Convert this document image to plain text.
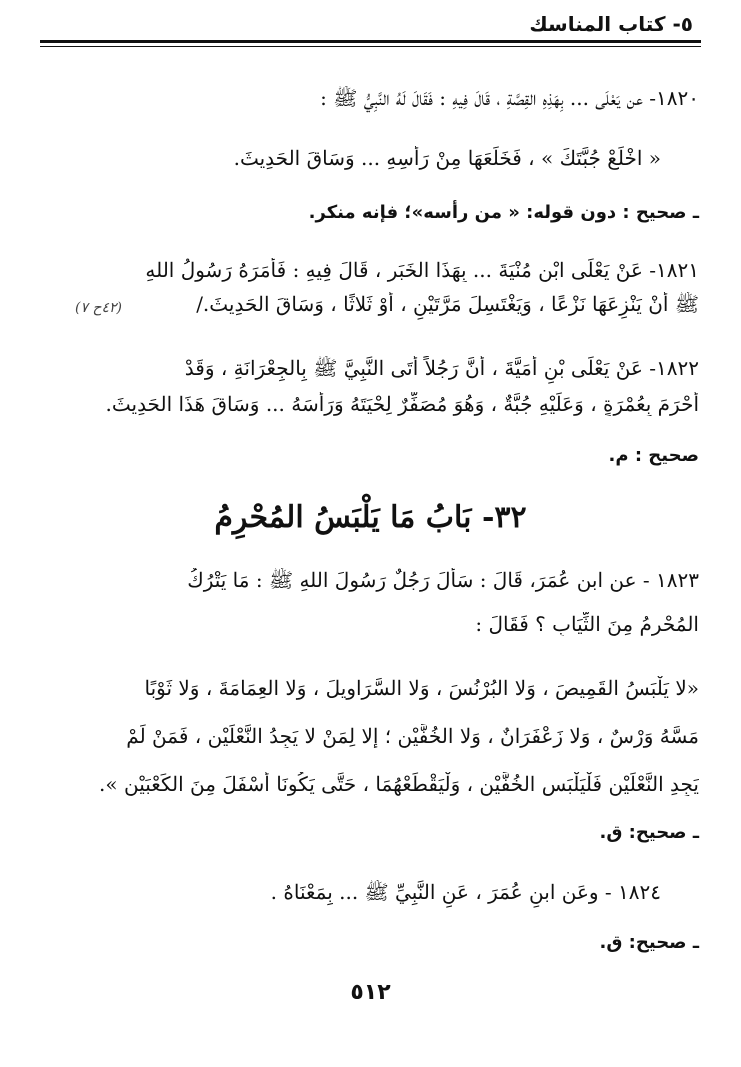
٥- كتاب المناسك
١٨٢٠- عن يَعْلَى ... بِهَذِهِ القِصَّةِ ، قَالَ فِيهِ : فَقَالَ لَهُ النَّبِيُّ ﷺ :
« اخْلَعْ جُبَّتَكَ » ، فَخَلَعَهَا مِنْ رَأْسِهِ ... وَسَاقَ الحَدِيثَ.
ـ صحيح : دون قوله: « من رأسه»؛ فإنه منكر.
١٨٢١- عَنْ يَعْلَى ابْنِ مُنْيَةَ ... بِهَذَا الخَبَرِ ، قَالَ فِيهِ : فَأَمَرَهُ رَسُولُ اللهِ
ﷺ أَنْ يَنْزِعَهَا نَزْعًا ، وَيَغْتَسِلَ مَرَّتَيْنِ ، أَوْ ثَلاثًا ، وَسَاقَ الحَدِيثَ./
(٤٢ح ٧)
١٨٢٢- عَنْ يَعْلَى بْنِ أُمَيَّةَ ، أَنَّ رَجُلاً أَتَى النَّبِيَّ ﷺ بِالجِعْرَانَةِ ، وَقَدْ
أَحْرَمَ بِعُمْرَةٍ ، وَعَلَيْهِ جُبَّةٌ ، وَهُوَ مُصَفِّرٌ لِحْيَتَهُ وَرَأْسَهُ ... وَسَاقَ هَذَا الحَدِيثَ.
صحيح : م.
٣٢- بَابُ مَا يَلْبَسُ المُحْرِمُ
١٨٢٣ - عن ابن عُمَرَ، قَالَ : سَأَلَ رَجُلٌ رَسُولَ اللهِ ﷺ : مَا يَتْرُكُ
المُحْرِمُ مِنَ الثِّيَابِ ؟ فَقَالَ :
«لا يَلْبَسُ القَمِيصَ ، وَلا البُرْنُسَ ، وَلا السَّرَاوِيلَ ، وَلا العِمَامَةَ ، وَلا ثَوْبًا
مَسَّهُ وَرْسٌ ، وَلا زَعْفَرَانٌ ، وَلا الخُفَّيْنِ ؛ إلا لِمَنْ لا يَجِدُ النَّعْلَيْنِ ، فَمَنْ لَمْ
يَجِدِ النَّعْلَيْنِ فَلْيَلْبَسِ الخُفَّيْنِ ، وَلْيَقْطَعْهُمَا ، حَتَّى يَكُونَا أَسْفَلَ مِنَ الكَعْبَيْنِ ».
ـ صحيح: ق.
١٨٢٤ - وعَن ابنِ عُمَرَ ، عَنِ النَّبِيِّ ﷺ ... بِمَعْنَاهُ .
ـ صحيح: ق.
٥١٢
